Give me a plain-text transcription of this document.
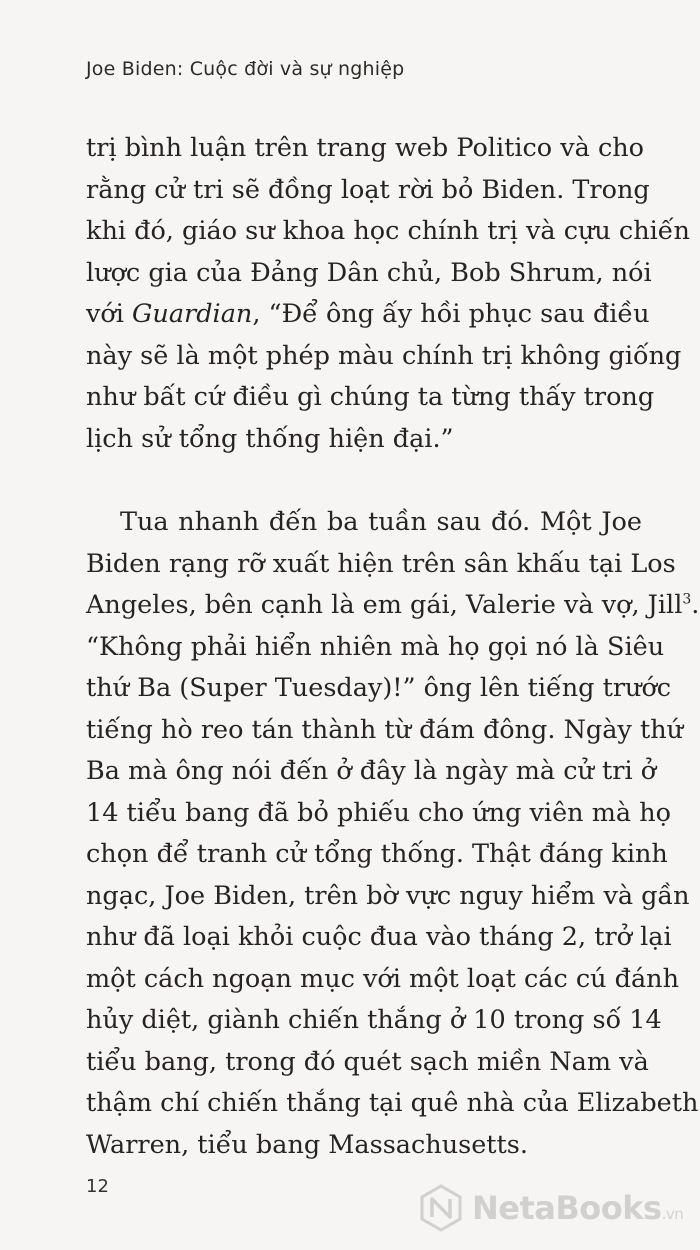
Joe Biden: Cuộc đời và sự nghiệp
trị bình luận trên trang web Politico và cho
rằng cử tri sẽ đồng loạt rời bỏ Biden. Trong
khi đó, giáo sư khoa học chính trị và cựu chiến
lược gia của Đảng Dân chủ, Bob Shrum, nói
với Guardian, “Để ông ấy hồi phục sau điều
này sẽ là một phép màu chính trị không giống
như bất cứ điều gì chúng ta từng thấy trong
lịch sử tổng thống hiện đại.”
Tua nhanh đến ba tuần sau đó. Một Joe
Biden rạng rỡ xuất hiện trên sân khấu tại Los
Angeles, bên cạnh là em gái, Valerie và vợ, Jill$^3$.
“Không phải hiển nhiên mà họ gọi nó là Siêu
thứ Ba (Super Tuesday)!” ông lên tiếng trước
tiếng hò reo tán thành từ đám đông. Ngày thứ
Ba mà ông nói đến ở đây là ngày mà cử tri ở
14 tiểu bang đã bỏ phiếu cho ứng viên mà họ
chọn để tranh cử tổng thống. Thật đáng kinh
ngạc, Joe Biden, trên bờ vực nguy hiểm và gần
như đã loại khỏi cuộc đua vào tháng 2, trở lại
một cách ngoạn mục với một loạt các cú đánh
hủy diệt, giành chiến thắng ở 10 trong số 14
tiểu bang, trong đó quét sạch miền Nam và
thậm chí chiến thắng tại quê nhà của Elizabeth
Warren, tiểu bang Massachusetts.
12
NetaBooks.vn
